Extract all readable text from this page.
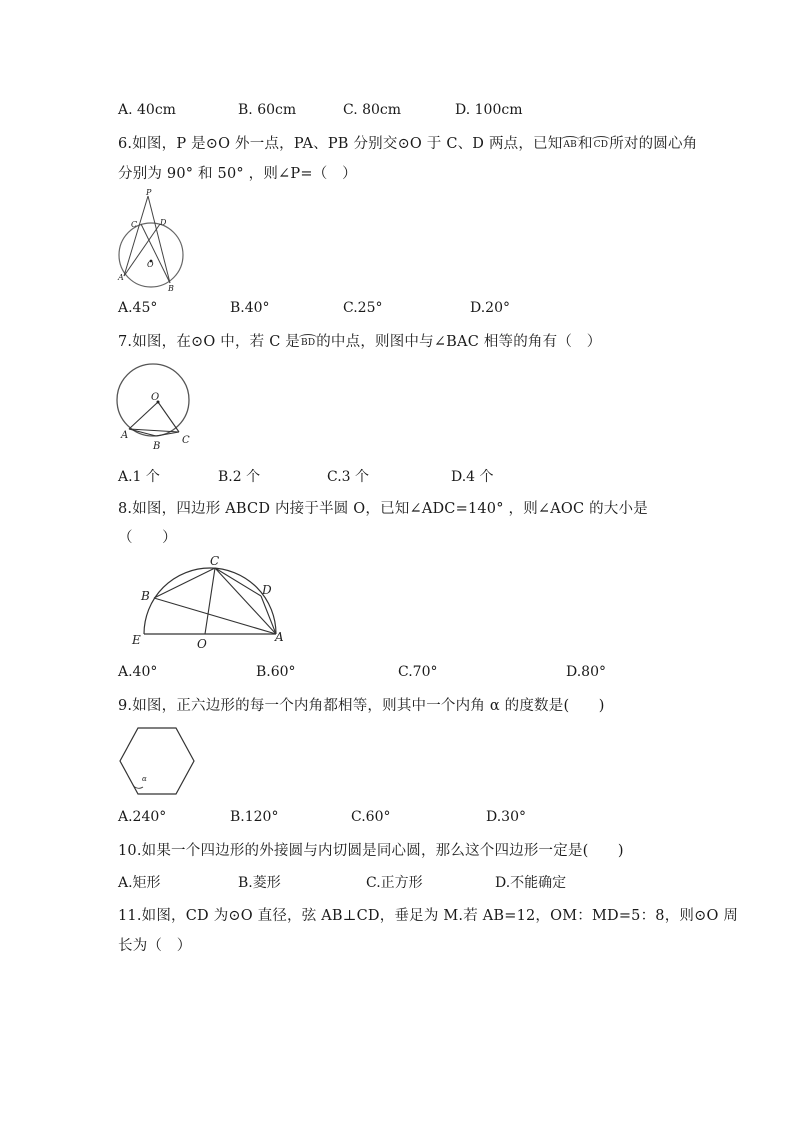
A. 40cm	B. 60cm	C. 80cm	D. 100cm
6.如图，P 是⊙O 外一点，PA、PB 分别交⊙O 于 C、D 两点，已知AB和CD所对的圆心角
分别为 90° 和 50° ，则∠P=（　）
P
C	D
A
B
O
A.45°	B.40°	C.25°	D.20°
7.如图，在⊙O 中，若 C 是BD的中点，则图中与∠BAC 相等的角有（　）
O
A
B
C
A.1 个	B.2 个	C.3 个	D.4 个
8.如图，四边形 ABCD 内接于半圆 O，已知∠ADC=140° ，则∠AOC 的大小是
（　　）
C
B	D
E	O	A
A.40°	B.60°	C.70°	D.80°
9.如图，正六边形的每一个内角都相等，则其中一个内角 α 的度数是(　　)
α
A.240°	B.120°	C.60°	D.30°
10.如果一个四边形的外接圆与内切圆是同心圆，那么这个四边形一定是(　　)
A.矩形	B.菱形	C.正方形	D.不能确定
11.如图，CD 为⊙O 直径，弦 AB⊥CD，垂足为 M.若 AB=12，OM：MD=5：8，则⊙O 周
长为（　）
